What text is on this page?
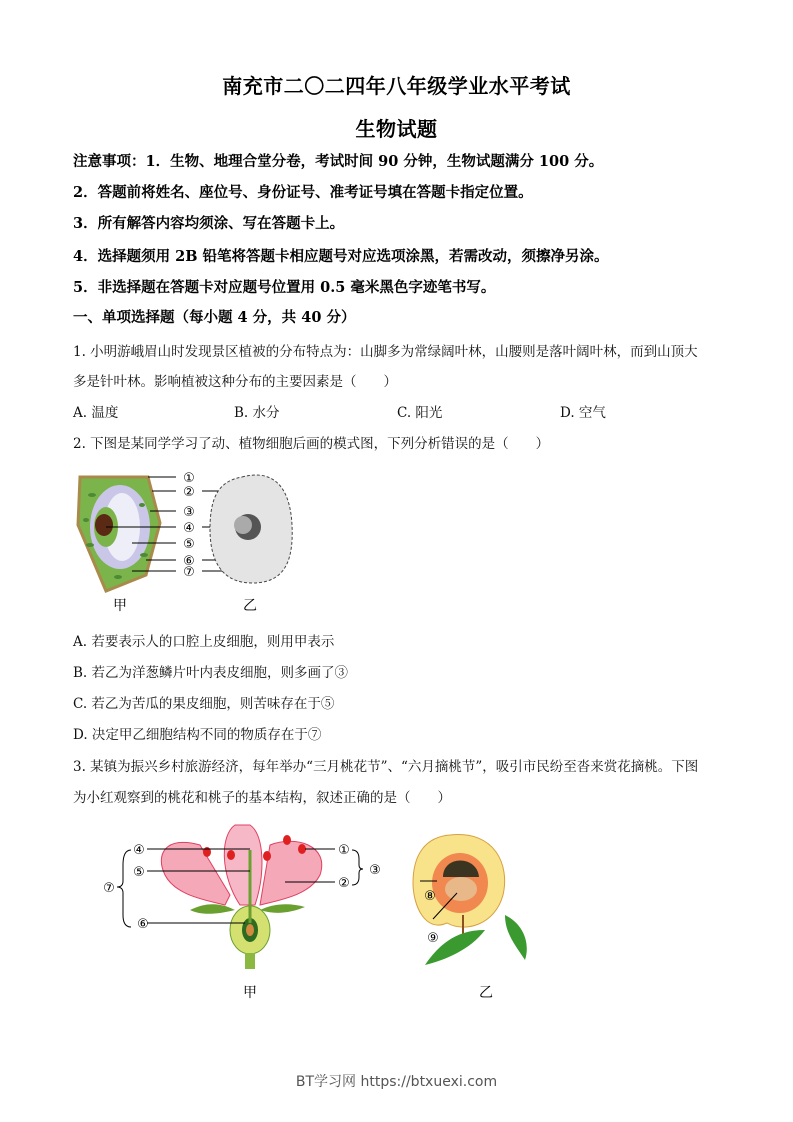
南充市二〇二四年八年级学业水平考试
生物试题
注意事项：1．生物、地理合堂分卷，考试时间 90 分钟，生物试题满分 100 分。
2．答题前将姓名、座位号、身份证号、准考证号填在答题卡指定位置。
3．所有解答内容均须涂、写在答题卡上。
4．选择题须用 2B 铅笔将答题卡相应题号对应选项涂黑，若需改动，须擦净另涂。
5．非选择题在答题卡对应题号位置用 0.5 毫米黑色字迹笔书写。
一、单项选择题（每小题 4 分，共 40 分）
1. 小明游峨眉山时发现景区植被的分布特点为：山脚多为常绿阔叶林，山腰则是落叶阔叶林，而到山顶大
多是针叶林。影响植被这种分布的主要因素是（　　）
A. 温度	B. 水分	C. 阳光	D. 空气
2. 下图是某同学学习了动、植物细胞后画的模式图，下列分析错误的是（　　）
①
②
③
④
⑤
⑥
⑦
甲	乙
A. 若要表示人的口腔上皮细胞，则用甲表示
B. 若乙为洋葱鳞片叶内表皮细胞，则多画了③
C. 若乙为苦瓜的果皮细胞，则苦味存在于⑤
D. 决定甲乙细胞结构不同的物质存在于⑦
3. 某镇为振兴乡村旅游经济，每年举办“三月桃花节”、“六月摘桃节”，吸引市民纷至沓来赏花摘桃。下图
为小红观察到的桃花和桃子的基本结构，叙述正确的是（　　）
④
⑤
⑦
⑥
①
②
③
甲
⑧
⑨
乙
BT学习网 https://btxuexi.com
